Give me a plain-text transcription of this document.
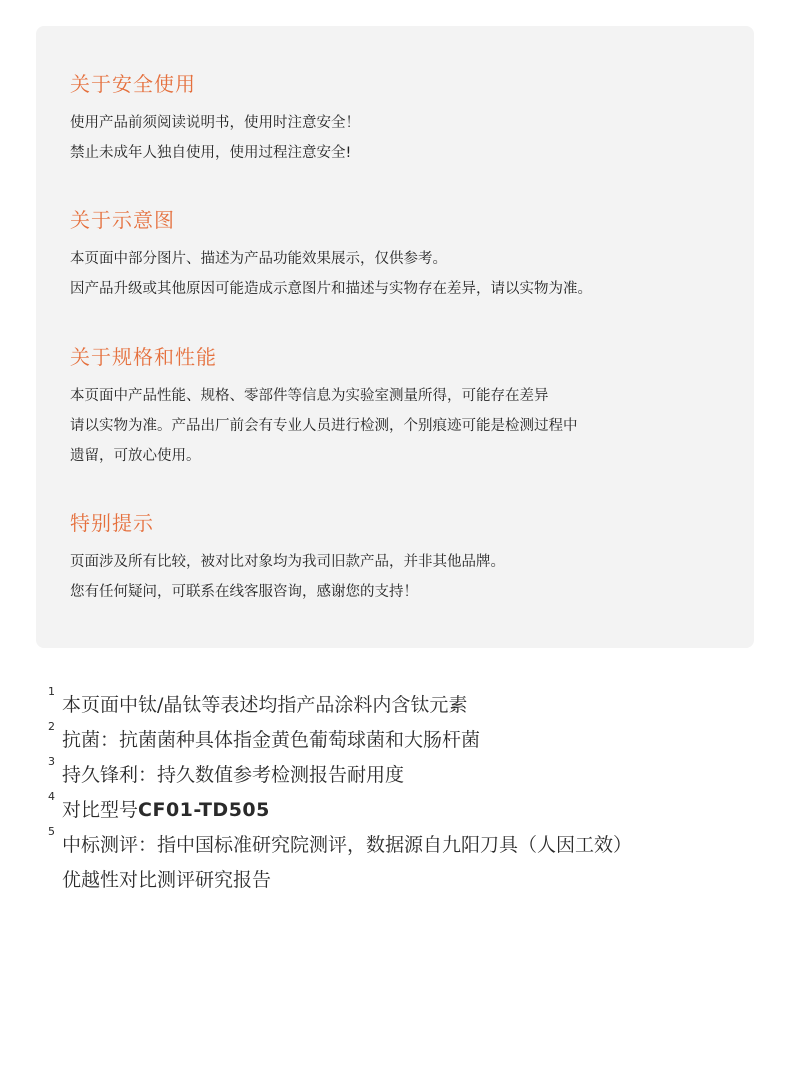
关于安全使用

使用产品前须阅读说明书，使用时注意安全！

禁止未成年人独自使用，使用过程注意安全!

关于示意图

本页面中部分图片、描述为产品功能效果展示，仅供参考。

因产品升级或其他原因可能造成示意图片和描述与实物存在差异，请以实物为准。

关于规格和性能

本页面中产品性能、规格、零部件等信息为实验室测量所得，可能存在差异

请以实物为准。产品出厂前会有专业人员进行检测，个别痕迹可能是检测过程中

遗留，可放心使用。

特别提示

页面涉及所有比较，被对比对象均为我司旧款产品，并非其他品牌。

您有任何疑问，可联系在线客服咨询，感谢您的支持！

1
本页面中钛/晶钛等表述均指产品涂料内含钛元素
2
抗菌：抗菌菌种具体指金黄色葡萄球菌和大肠杆菌
3
持久锋利：持久数值参考检测报告耐用度
4
对比型号CF01-TD505
5
中标测评：指中国标准研究院测评，数据源自九阳刀具（人因工效）
优越性对比测评研究报告
